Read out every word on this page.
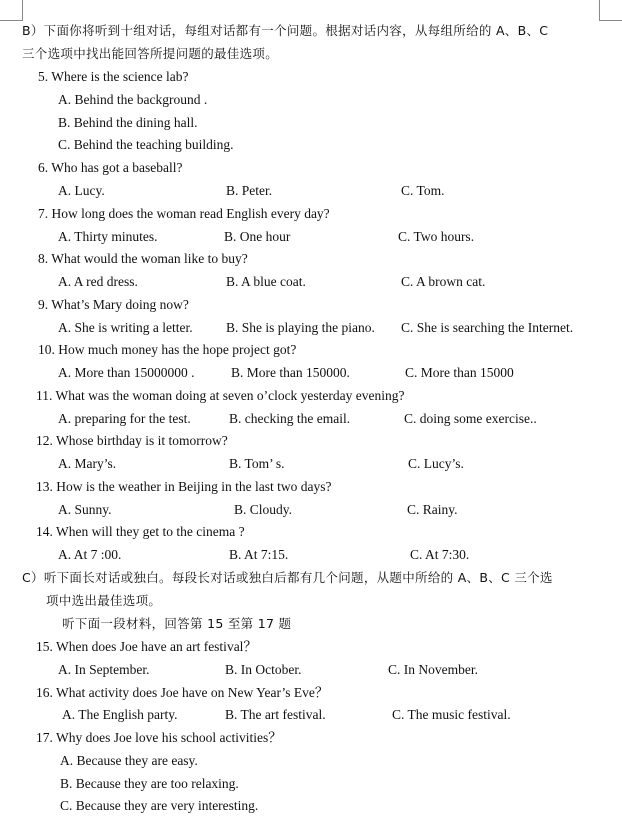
B）下面你将听到十组对话，每组对话都有一个问题。根据对话内容，从每组所给的 A、B、C
三个选项中找出能回答所提问题的最佳选项。
5. Where is the science lab?
A. Behind the background .
B. Behind the dining hall.
C. Behind the teaching building.
6. Who has got a baseball?
A. Lucy.	B. Peter.	C. Tom.
7. How long does the woman read English every day?
A. Thirty minutes.	B. One hour	C. Two hours.
8. What would the woman like to buy?
A. A red dress.	B. A blue coat.	C. A brown cat.
9. What’s Mary doing now?
A. She is writing a letter. B. She is playing the piano. C. She is searching the Internet.
10. How much money has the hope project got?
A. More than 15000000 .	B. More than 150000.	C. More than 15000
11. What was the woman doing at seven o’clock yesterday evening?
A. preparing for the test.	B. checking the email.	C. doing some exercise..
12. Whose birthday is it tomorrow?
A. Mary’s.	B. Tom’ s.	C. Lucy’s.
13. How is the weather in Beijing in the last two days?
A. Sunny.	B. Cloudy.	C. Rainy.
14. When will they get to the cinema ?
A. At 7 :00.	B. At 7:15.	C. At 7:30.
C）听下面长对话或独白。每段长对话或独白后都有几个问题，从题中所给的 A、B、C 三个选
项中选出最佳选项。
听下面一段材料，回答第 15 至第 17 题
15. When does Joe have an art festival？
A. In September.	B. In October.	C. In November.
16. What activity does Joe have on New Year’s Eve？
A. The English party.	B. The art festival.	C. The music festival.
17. Why does Joe love his school activities？
A. Because they are easy.
B. Because they are too relaxing.
C. Because they are very interesting.
